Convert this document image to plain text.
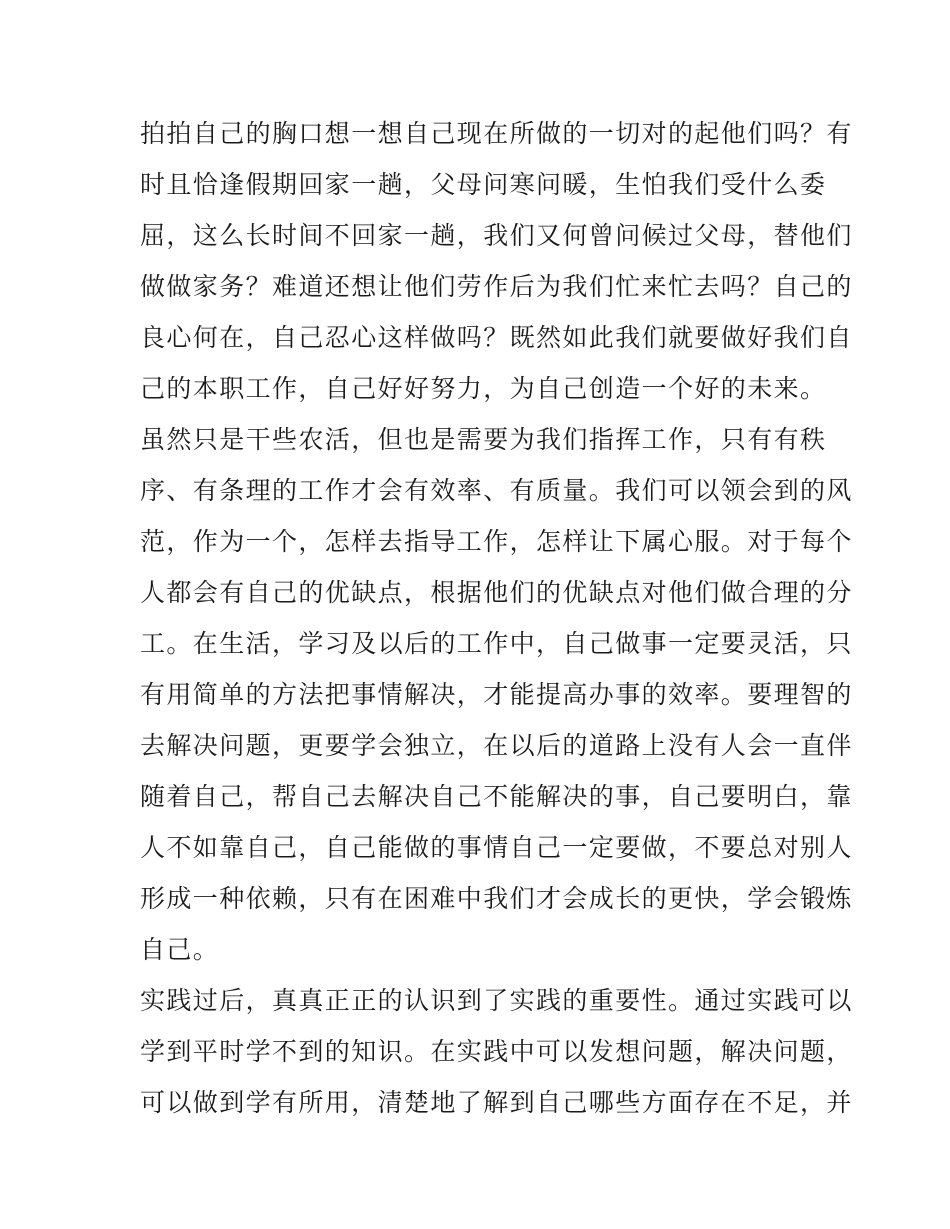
拍拍自己的胸口想一想自己现在所做的一切对的起他们吗？有
时且恰逢假期回家一趟，父母问寒问暖，生怕我们受什么委
屈，这么长时间不回家一趟，我们又何曾问候过父母，替他们
做做家务？难道还想让他们劳作后为我们忙来忙去吗？自己的
良心何在，自己忍心这样做吗？既然如此我们就要做好我们自
己的本职工作，自己好好努力，为自己创造一个好的未来。
虽然只是干些农活，但也是需要为我们指挥工作，只有有秩
序、有条理的工作才会有效率、有质量。我们可以领会到的风
范，作为一个，怎样去指导工作，怎样让下属心服。对于每个
人都会有自己的优缺点，根据他们的优缺点对他们做合理的分
工。在生活，学习及以后的工作中，自己做事一定要灵活，只
有用简单的方法把事情解决，才能提高办事的效率。要理智的
去解决问题，更要学会独立，在以后的道路上没有人会一直伴
随着自己，帮自己去解决自己不能解决的事，自己要明白，靠
人不如靠自己，自己能做的事情自己一定要做，不要总对别人
形成一种依赖，只有在困难中我们才会成长的更快，学会锻炼
自己。
实践过后，真真正正的认识到了实践的重要性。通过实践可以
学到平时学不到的知识。在实践中可以发想问题，解决问题，
可以做到学有所用，清楚地了解到自己哪些方面存在不足，并
